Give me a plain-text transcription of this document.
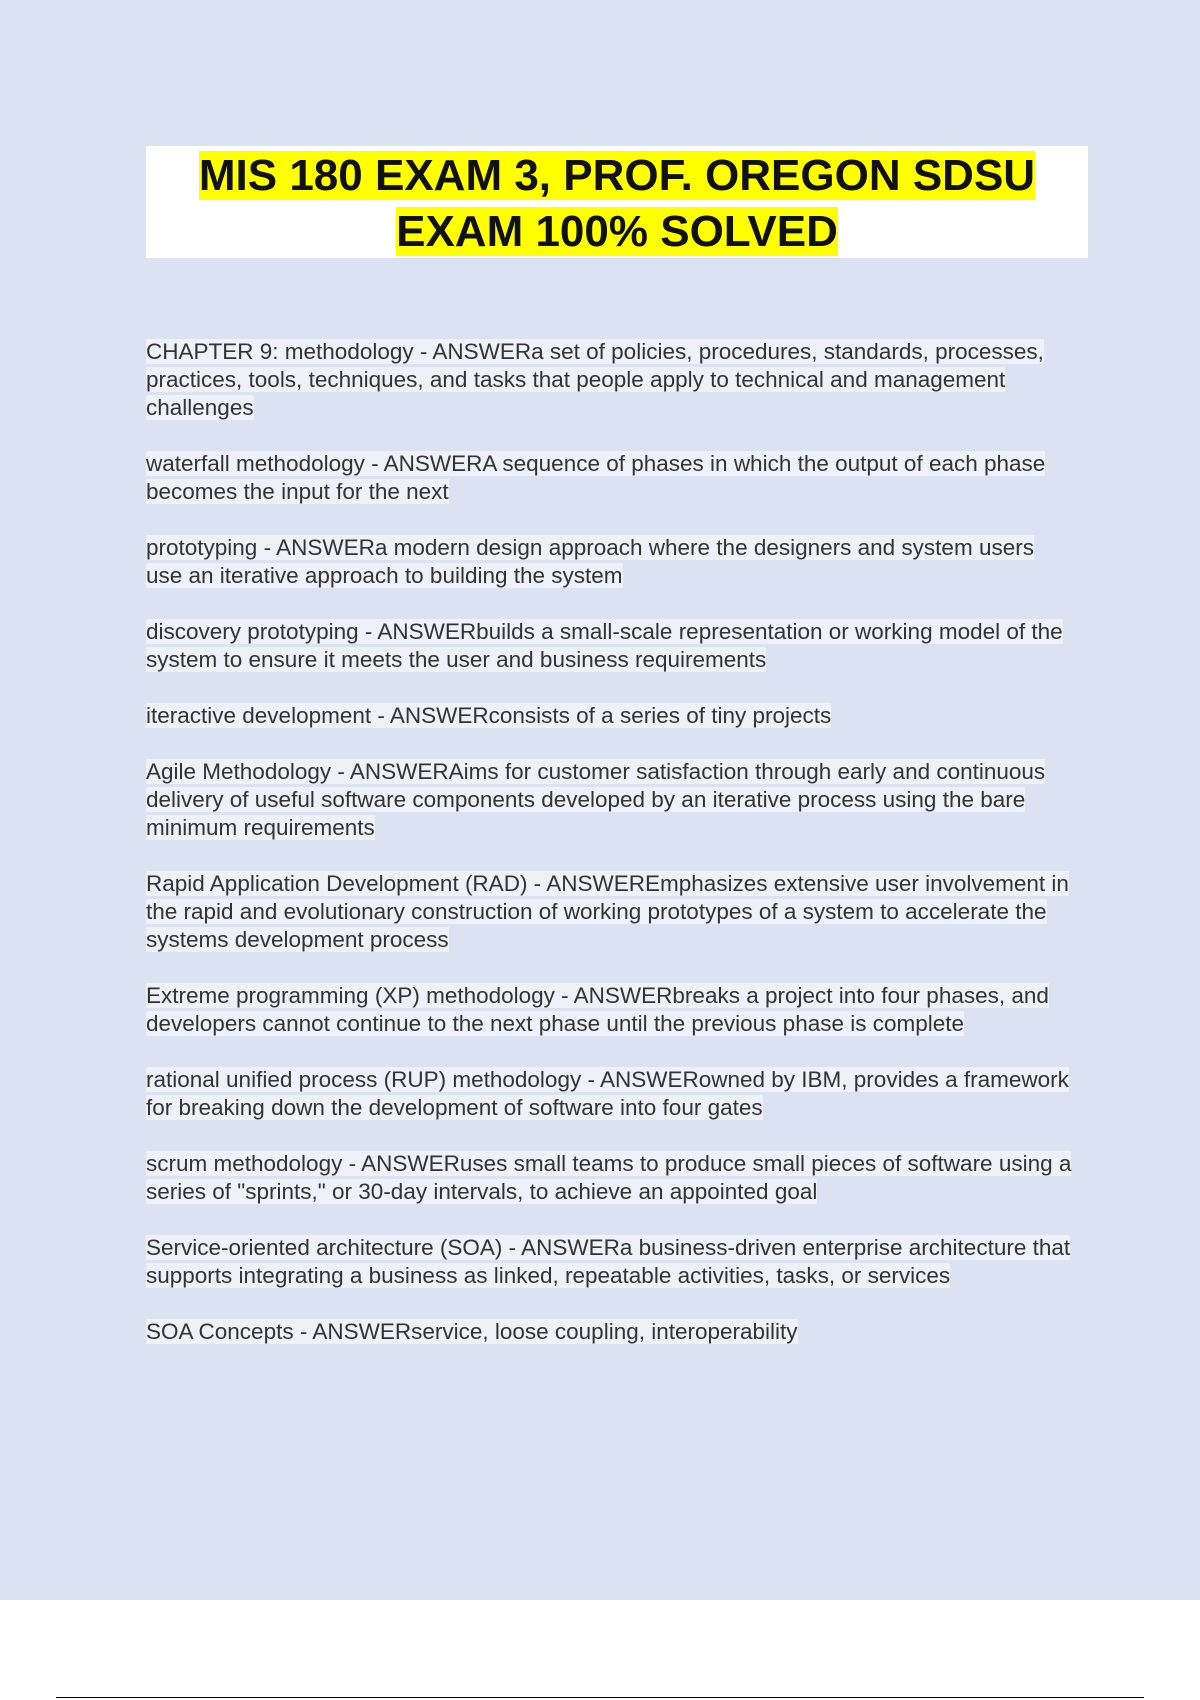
MIS 180 EXAM 3, PROF. OREGON SDSU
EXAM 100% SOLVED

CHAPTER 9: methodology - ANSWERa set of policies, procedures, standards, processes, practices, tools, techniques, and tasks that people apply to technical and management challenges

waterfall methodology - ANSWERA sequence of phases in which the output of each phase becomes the input for the next

prototyping - ANSWERa modern design approach where the designers and system users use an iterative approach to building the system

discovery prototyping - ANSWERbuilds a small-scale representation or working model of the system to ensure it meets the user and business requirements

iteractive development - ANSWERconsists of a series of tiny projects

Agile Methodology - ANSWERAims for customer satisfaction through early and continuous delivery of useful software components developed by an iterative process using the bare minimum requirements

Rapid Application Development (RAD) - ANSWEREmphasizes extensive user involvement in the rapid and evolutionary construction of working prototypes of a system to accelerate the systems development process

Extreme programming (XP) methodology - ANSWERbreaks a project into four phases, and developers cannot continue to the next phase until the previous phase is complete

rational unified process (RUP) methodology - ANSWERowned by IBM, provides a framework for breaking down the development of software into four gates

scrum methodology - ANSWERuses small teams to produce small pieces of software using a series of "sprints," or 30-day intervals, to achieve an appointed goal

Service-oriented architecture (SOA) - ANSWERa business-driven enterprise architecture that supports integrating a business as linked, repeatable activities, tasks, or services

SOA Concepts - ANSWERservice, loose coupling, interoperability
